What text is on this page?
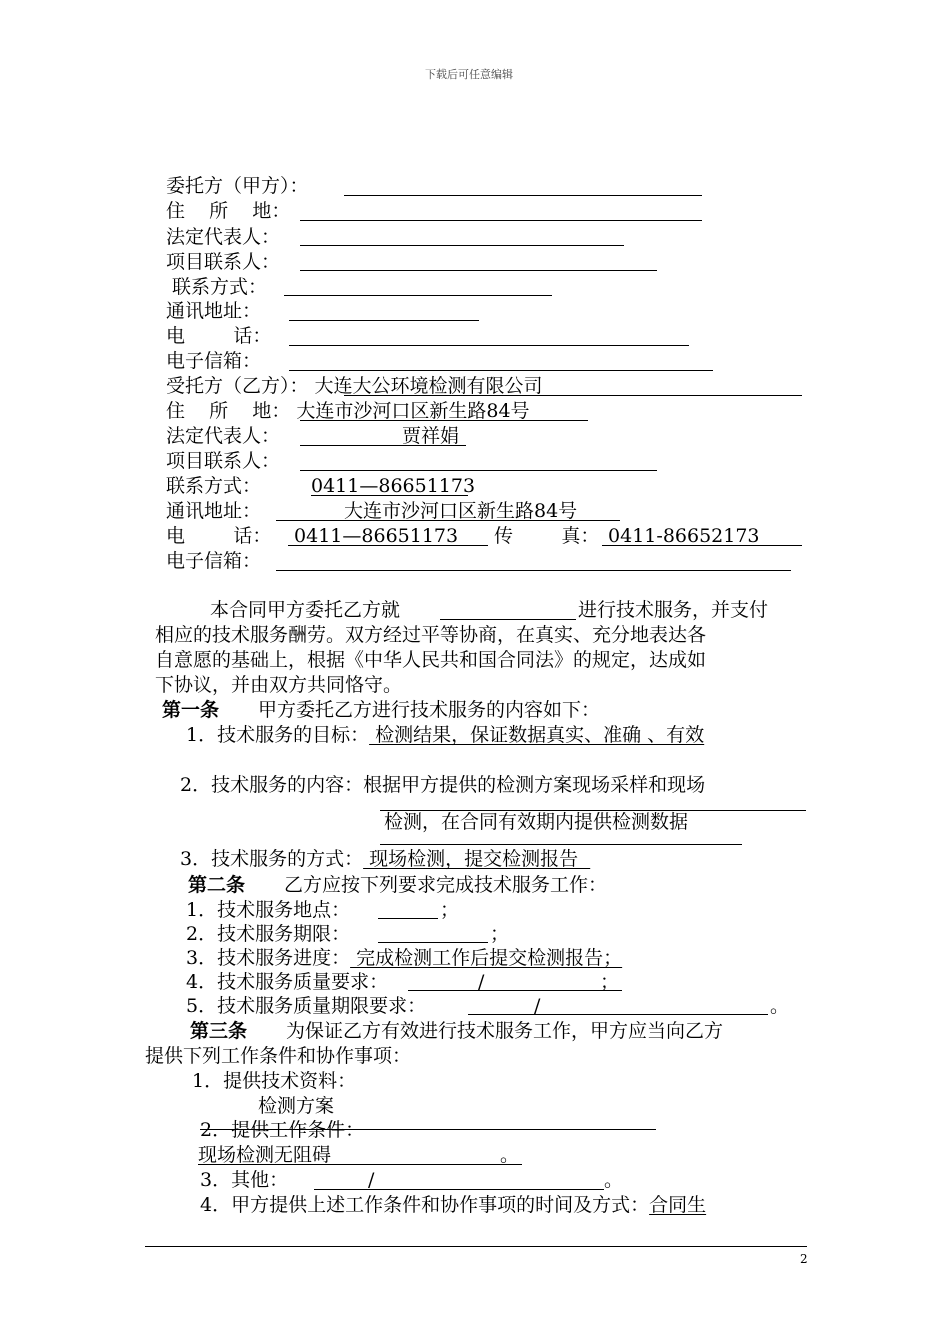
下载后可任意编辑
委托方（甲方）：
住    所    地：
法定代表人：
项目联系人：
联系方式：
通讯地址：
电        话：
电子信箱：
受托方（乙方）： 大连大公环境检测有限公司
住    所    地： 大连市沙河口区新生路84号
法定代表人：	贾祥娟
项目联系人：
联系方式：	0411—86651173
通讯地址：	大连市沙河口区新生路84号
电        话： 0411—86651173 传        真： 0411-86652173
电子信箱：
本合同甲方委托乙方就	进行技术服务，并支付
相应的技术服务酬劳。双方经过平等协商，在真实、充分地表达各
自意愿的基础上，根据《中华人民共和国合同法》的规定，达成如
下协议，并由双方共同恪守。
第一条 甲方委托乙方进行技术服务的内容如下：
1．技术服务的目标： 检测结果，保证数据真实、准确 、有效
2．技术服务的内容：根据甲方提供的检测方案现场采样和现场
检测，在合同有效期内提供检测数据
3．技术服务的方式： 现场检测，提交检测报告
第二条 乙方应按下列要求完成技术服务工作：
1．技术服务地点：	；
2．技术服务期限：	；
3．技术服务进度： 完成检测工作后提交检测报告；
4．技术服务质量要求：	/	；
5．技术服务质量期限要求：	/	。
第三条 为保证乙方有效进行技术服务工作，甲方应当向乙方
提供下列工作条件和协作事项：
1．提供技术资料：
检测方案
2．提供工作条件：
现场检测无阻碍	。
3．其他：	/	。
4．甲方提供上述工作条件和协作事项的时间及方式：合同生
2
